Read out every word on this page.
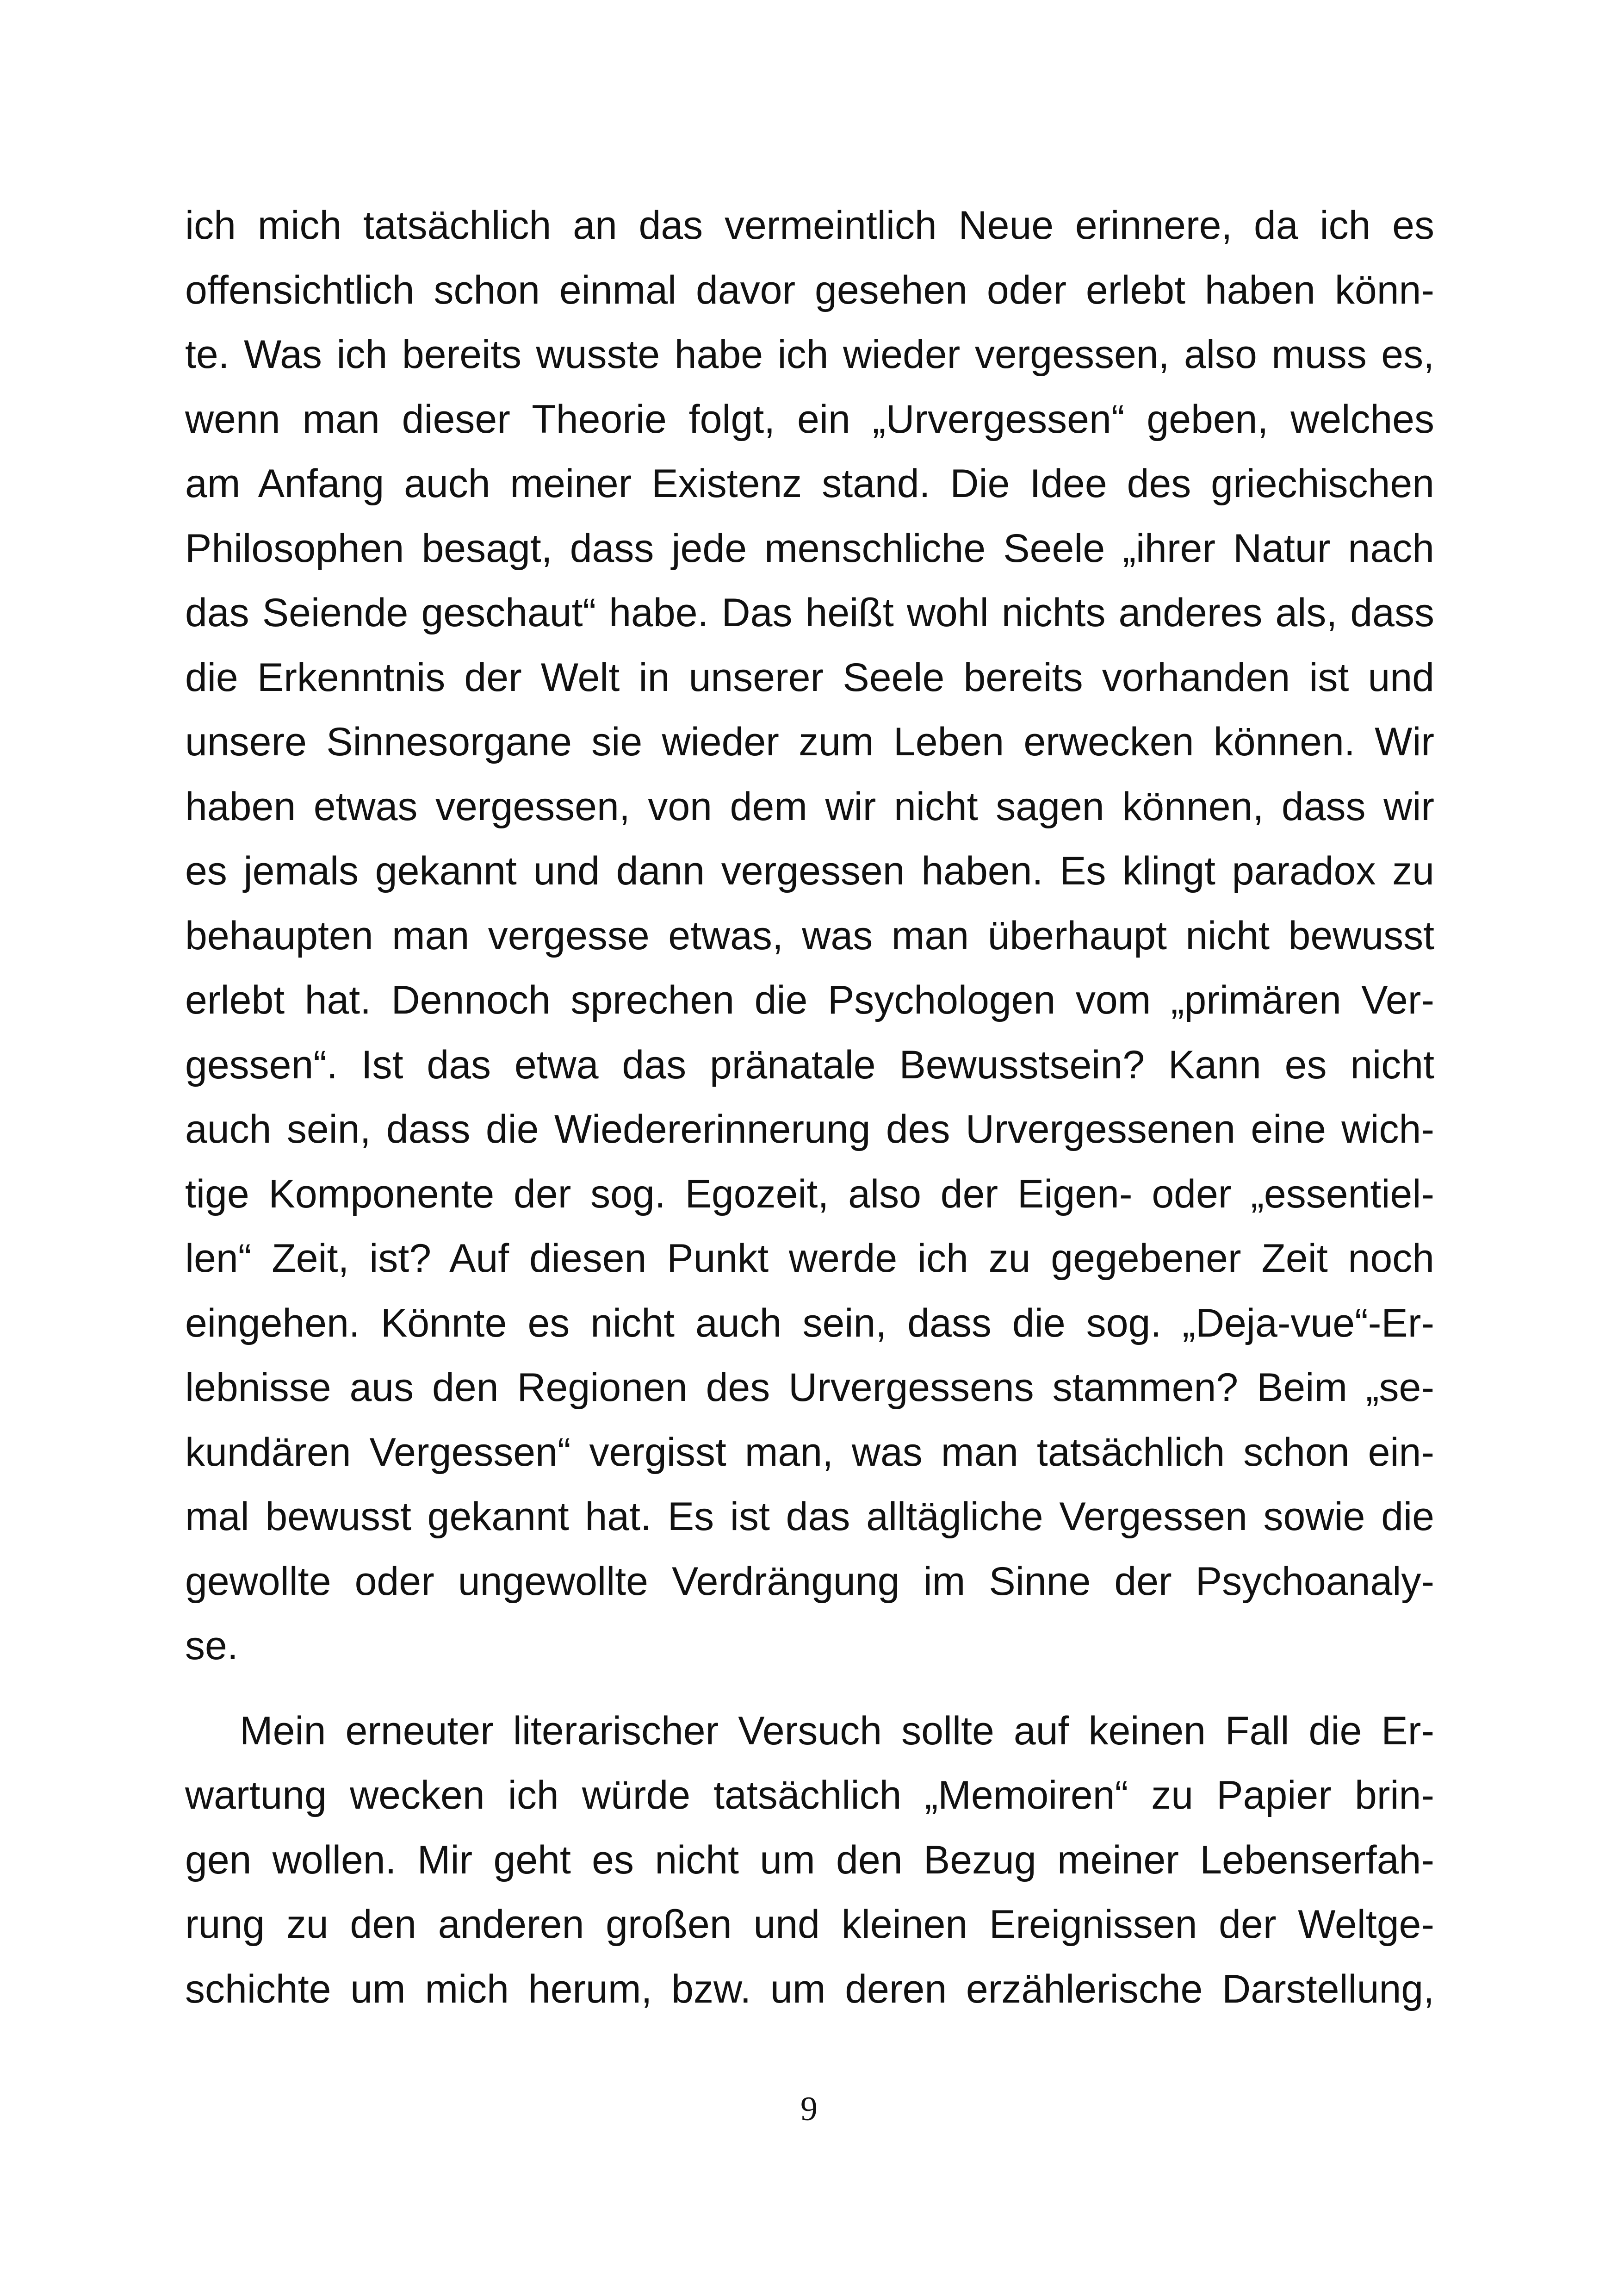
ich mich tatsächlich an das vermeintlich Neue erinnere, da ich es
offensichtlich schon einmal davor gesehen oder erlebt haben könn-
te. Was ich bereits wusste habe ich wieder vergessen, also muss es,
wenn man dieser Theorie folgt, ein „Urvergessen“ geben, welches
am Anfang auch meiner Existenz stand. Die Idee des griechischen
Philosophen besagt, dass jede menschliche Seele „ihrer Natur nach
das Seiende geschaut“ habe. Das heißt wohl nichts anderes als, dass
die Erkenntnis der Welt in unserer Seele bereits vorhanden ist und
unsere Sinnesorgane sie wieder zum Leben erwecken können. Wir
haben etwas vergessen, von dem wir nicht sagen können, dass wir
es jemals gekannt und dann vergessen haben. Es klingt paradox zu
behaupten man vergesse etwas, was man überhaupt nicht bewusst
erlebt hat. Dennoch sprechen die Psychologen vom „primären Ver-
gessen“. Ist das etwa das pränatale Bewusstsein? Kann es nicht
auch sein, dass die Wiedererinnerung des Urvergessenen eine wich-
tige Komponente der sog. Egozeit, also der Eigen- oder „essentiel-
len“ Zeit, ist? Auf diesen Punkt werde ich zu gegebener Zeit noch
eingehen. Könnte es nicht auch sein, dass die sog. „Deja-vue“-Er-
lebnisse aus den Regionen des Urvergessens stammen? Beim „se-
kundären Vergessen“ vergisst man, was man tatsächlich schon ein-
mal bewusst gekannt hat. Es ist das alltägliche Vergessen sowie die
gewollte oder ungewollte Verdrängung im Sinne der Psychoanaly-
se.
Mein erneuter literarischer Versuch sollte auf keinen Fall die Er-
wartung wecken ich würde tatsächlich „Memoiren“ zu Papier brin-
gen wollen. Mir geht es nicht um den Bezug meiner Lebenserfah-
rung zu den anderen großen und kleinen Ereignissen der Weltge-
schichte um mich herum, bzw. um deren erzählerische Darstellung,
9
